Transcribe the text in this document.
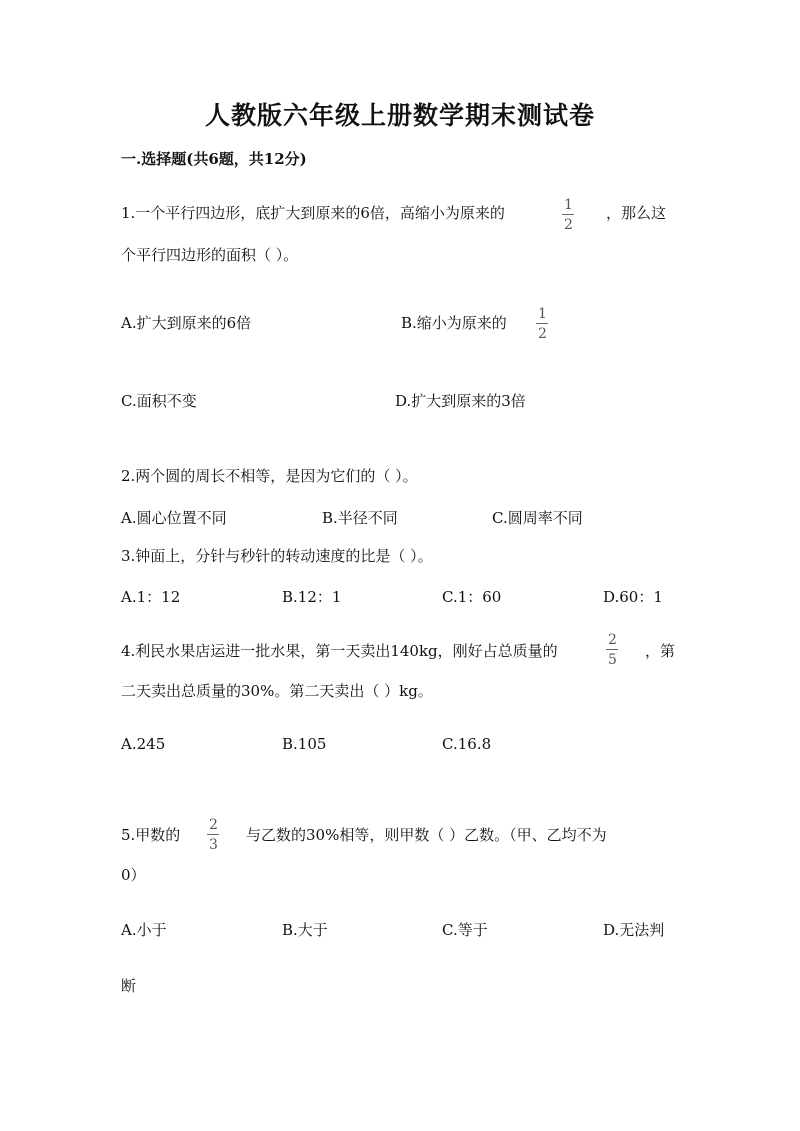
人教版六年级上册数学期末测试卷
一.选择题(共6题，共12分)
1.一个平行四边形，底扩大到原来的6倍，高缩小为原来的	1
2
，那么这
个平行四边形的面积（ ）。
A.扩大到原来的6倍	B.缩小为原来的 1
2
C.面积不变	D.扩大到原来的3倍
2.两个圆的周长不相等，是因为它们的（ ）。
A.圆心位置不同	B.半径不同	C.圆周率不同
3.钟面上，分针与秒针的转动速度的比是（ ）。
A.1：12	B.12：1	C.1：60	D.60：1
4.利民水果店运进一批水果，第一天卖出140kg，刚好占总质量的
2
5 ，第
二天卖出总质量的30%。第二天卖出（ ）kg。
A.245	B.105	C.16.8
5.甲数的
2
3
与乙数的30%相等，则甲数（ ）乙数。（甲、乙均不为
0）
A.小于	B.大于	C.等于	D.无法判
断
